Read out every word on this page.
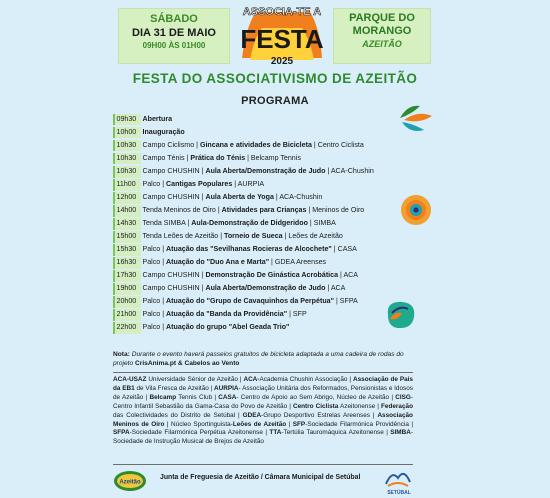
SÁBADO
DIA 31 DE MAIO
09H00 ÀS 01H00
ASSOCIA-TE A
FESTA
2025
PARQUE DO
MORANGO
AZEITÃO
FESTA DO ASSOCIATIVISMO DE AZEITÃO
PROGRAMA
09h30 Abertura
10h00 Inauguração
10h30 Campo Ciclismo | Gincana e atividades de Bicicleta | Centro Ciclista
10h30 Campo Ténis | Prática do Ténis | Belcamp Tennis
10h30 Campo CHUSHIN | Aula Aberta/Demonstração de Judo | ACA-Chushin
11h00 Palco | Cantigas Populares | AURPIA
12h00 Campo CHUSHIN | Aula Aberta de Yoga | ACA-Chushin
14h00 Tenda Meninos de Oiro | Atividades para Crianças | Meninos de Oiro
14h30 Tenda SIMBA | Aula-Demonstração de Didgeridoo | SIMBA
15h00 Tenda Leões de Azeitão | Torneio de Sueca | Leões de Azeitão
15h30 Palco | Atuação das "Sevilhanas Rocieras de Alcochete" | CASA
16h30 Palco | Atuação do "Duo Ana e Marta" | GDEA Areenses
17h30 Campo CHUSHIN | Demonstração De Ginástica Acrobática | ACA
19h00 Campo CHUSHIN | Aula Aberta/Demonstração de Judo | ACA
20h00 Palco | Atuação do "Grupo de Cavaquinhos da Perpétua" | SFPA
21h00 Palco | Atuação da "Banda da Providência" | SFP
22h00 Palco | Atuação do grupo "Abel Geada Trio"
Nota: Durante o evento haverá passeios gratuitos de bicicleta adaptada a uma cadeira de rodas do projeto CrisAnima.pt & Cabelos ao Vento
ACA-USAZ Universidade Sénior de Azeitão | ACA-Academia Chushin Associação | Associação de Pais da EB1 de Vila Fresca de Azeitão | AURPIA- Associação Unitária dos Reformados, Pensionistas e Idosos de Azeitão | Belcamp Tennis Club | CASA- Centro de Apoio ao Sem Abrigo, Núcleo de Azeitão | CISG- Centro Infantil Sebastião da Gama-Casa do Povo de Azeitão | Centro Ciclista Azeitonense | Federação das Colectividades do Distrito de Setúbal | GDEA-Grupo Desportivo Estrelas Areenses | Associação Meninos de Oiro | Núcleo Sportinguista-Leões de Azeitão | SFP-Sociedade Filarmónica Providência | SFPA-Sociedade Filarmónica Perpétua Azeitonense | TTA-Tertúlia Tauromáquica Azeitonense | SIMBA-Sociedade de Instrução Musical de Brejos de Azeitão
Azeitão
Junta de Freguesia de Azeitão / Câmara Municipal de Setúbal
SETÚBAL
